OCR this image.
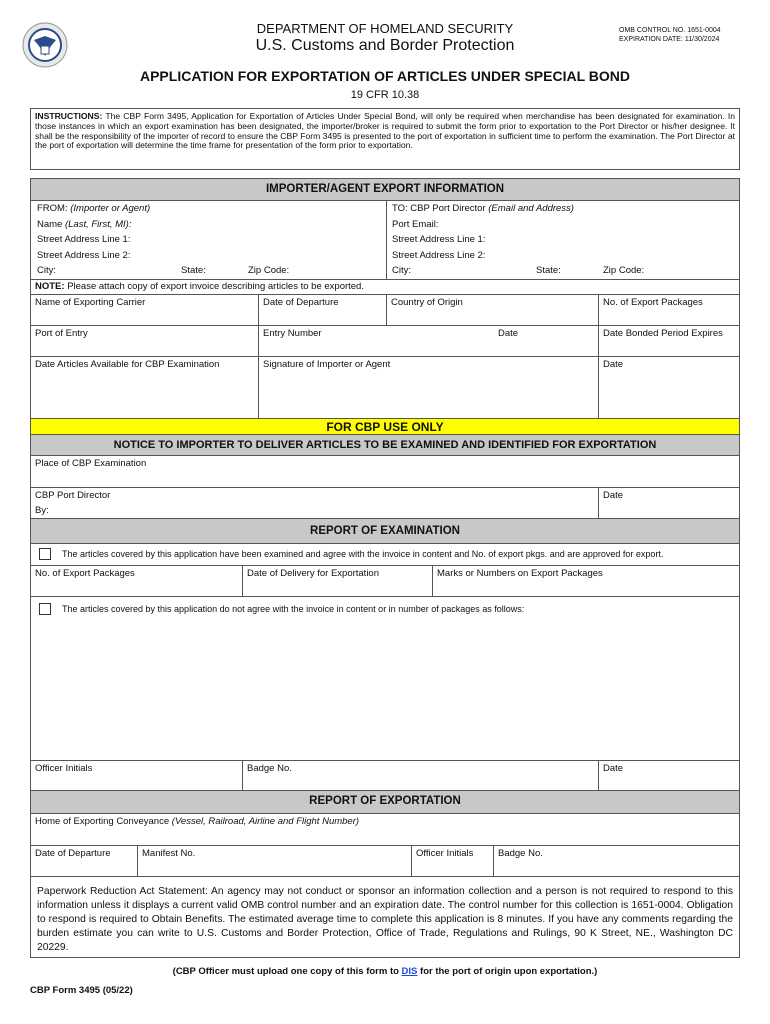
DEPARTMENT OF HOMELAND SECURITY
U.S. Customs and Border Protection
OMB CONTROL NO. 1651-0004
EXPIRATION DATE: 11/30/2024
APPLICATION FOR EXPORTATION OF ARTICLES UNDER SPECIAL BOND
19 CFR 10.38
INSTRUCTIONS: The CBP Form 3495, Application for Exportation of Articles Under Special Bond, will only be required when merchandise has been designated for examination. In those instances in which an export examination has been designated, the importer/broker is required to submit the form prior to exportation to the Port Director or his/her designee. It shall be the responsibility of the importer of record to ensure the CBP Form 3495 is presented to the port of exportation in sufficient time to perform the examination. The Port Director at the port of exportation will determine the time frame for presentation of the form prior to exportation.
IMPORTER/AGENT EXPORT INFORMATION
FROM: (Importer or Agent)
Name (Last, First, MI):
Street Address Line 1:
Street Address Line 2:
City:	State:	Zip Code:
TO: CBP Port Director (Email and Address)
Port Email:
Street Address Line 1:
Street Address Line 2:
City:	State:	Zip Code:
NOTE: Please attach copy of export invoice describing articles to be exported.
Name of Exporting Carrier	Date of Departure	Country of Origin	No. of Export Packages
Port of Entry	Entry Number	Date	Date Bonded Period Expires
Date Articles Available for CBP Examination	Signature of Importer or Agent	Date
FOR CBP USE ONLY
NOTICE TO IMPORTER TO DELIVER ARTICLES TO BE EXAMINED AND IDENTIFIED FOR EXPORTATION
Place of CBP Examination
CBP Port Director
By:
Date
REPORT OF EXAMINATION
The articles covered by this application have been examined and agree with the invoice in content and No. of export pkgs. and are approved for export.
No. of Export Packages	Date of Delivery for Exportation	Marks or Numbers on Export Packages
The articles covered by this application do not agree with the invoice in content or in number of packages as follows:
Officer Initials	Badge No.	Date
REPORT OF EXPORTATION
Home of Exporting Conveyance (Vessel, Railroad, Airline and Flight Number)
Date of Departure	Manifest No.	Officer Initials	Badge No.
Paperwork Reduction Act Statement: An agency may not conduct or sponsor an information collection and a person is not required to respond to this information unless it displays a current valid OMB control number and an expiration date. The control number for this collection is 1651-0004. Obligation to respond is required to Obtain Benefits. The estimated average time to complete this application is 8 minutes. If you have any comments regarding the burden estimate you can write to U.S. Customs and Border Protection, Office of Trade, Regulations and Rulings, 90 K Street, NE., Washington DC 20229.
(CBP Officer must upload one copy of this form to DIS for the port of origin upon exportation.)
CBP Form 3495 (05/22)
